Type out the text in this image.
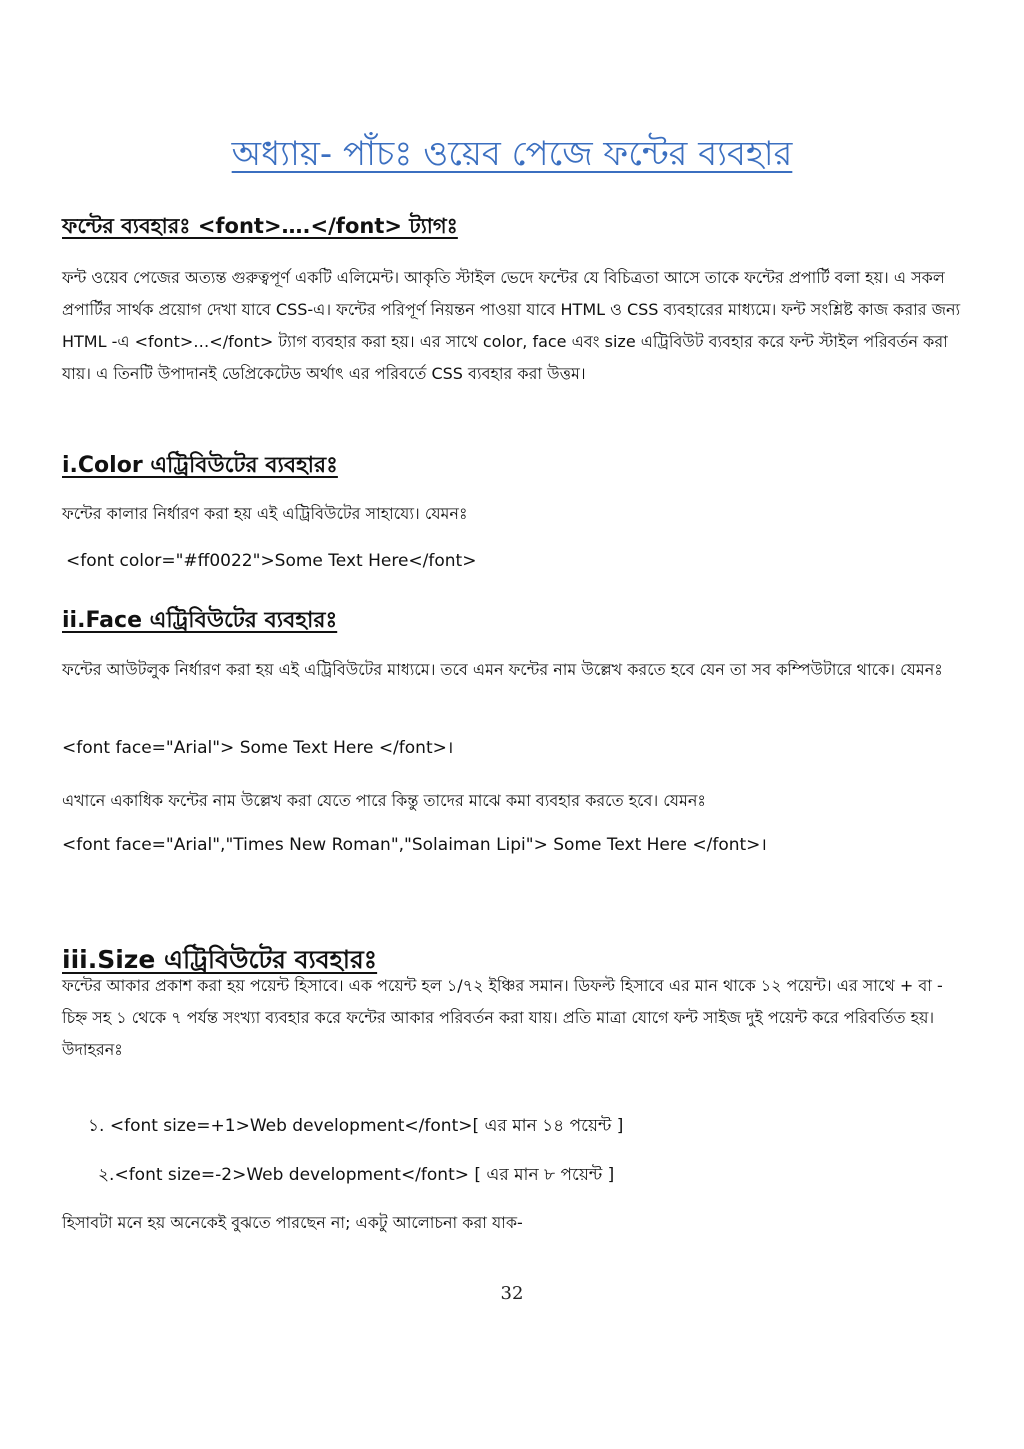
অধ্যায়- পাঁচঃ ওয়েব পেজে ফন্টের ব্যবহার
ফন্টের ব্যবহারঃ <font>….</font> ট্যাগঃ
ফন্ট ওয়েব পেজের অত্যন্ত গুরুত্বপূর্ণ একটি এলিমেন্ট। আকৃতি স্টাইল ভেদে ফন্টের যে বিচিত্রতা আসে তাকে ফন্টের প্রপার্টি বলা হয়। এ সকল প্রপার্টির সার্থক প্রয়োগ দেখা যাবে CSS-এ। ফন্টের পরিপূর্ণ নিয়ন্তন পাওয়া যাবে HTML ও CSS ব্যবহারের মাধ্যমে। ফন্ট সংশ্লিষ্ট কাজ করার জন্য HTML -এ <font>…</font> ট্যাগ ব্যবহার করা হয়। এর সাথে color, face এবং size এট্রিবিউট ব্যবহার করে ফন্ট স্টাইল পরিবর্তন করা যায়। এ তিনটি উপাদানই ডেপ্রিকেটেড অর্থাৎ এর পরিবর্তে CSS ব্যবহার করা উত্তম।
i.Color এট্রিবিউটের ব্যবহারঃ
ফন্টের কালার নির্ধারণ করা হয় এই এট্রিবিউটের সাহায্যে। যেমনঃ
<font color="#ff0022">Some Text Here</font>
ii.Face এট্রিবিউটের ব্যবহারঃ
ফন্টের আউটলুক নির্ধারণ করা হয় এই এট্রিবিউটের মাধ্যমে। তবে এমন ফন্টের নাম উল্লেখ করতে হবে যেন তা সব কম্পিউটারে থাকে। যেমনঃ
<font face="Arial"> Some Text Here </font>।
এখানে একাধিক ফন্টের নাম উল্লেখ করা যেতে পারে কিন্তু তাদের মাঝে কমা ব্যবহার করতে হবে। যেমনঃ
<font face="Arial","Times New Roman","Solaiman Lipi"> Some Text Here </font>।
iii.Size এট্রিবিউটের ব্যবহারঃ
ফন্টের আকার প্রকাশ করা হয় পয়েন্ট হিসাবে। এক পয়েন্ট হল ১/৭২ ইঞ্চির সমান। ডিফল্ট হিসাবে এর মান থাকে ১২ পয়েন্ট। এর সাথে + বা - চিহ্ন সহ ১ থেকে ৭ পর্যন্ত সংখ্যা ব্যবহার করে ফন্টের আকার পরিবর্তন করা যায়। প্রতি মাত্রা যোগে ফন্ট সাইজ দুই পয়েন্ট করে পরিবর্তিত হয়।উদাহরনঃ
১. <font size=+1>Web development</font>[ এর মান ১৪ পয়েন্ট ]
২.<font size=-2>Web development</font> [ এর মান ৮ পয়েন্ট ]
হিসাবটা মনে হয় অনেকেই বুঝতে পারছেন না; একটু আলোচনা করা যাক-
32
